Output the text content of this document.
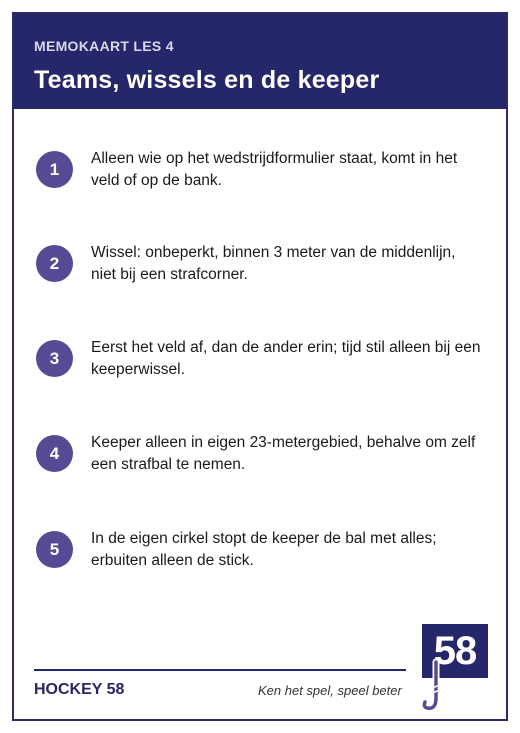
MEMOKAART LES 4
Teams, wissels en de keeper
1
Alleen wie op het wedstrijdformulier staat, komt in het veld of op de bank.
2
Wissel: onbeperkt, binnen 3 meter van de middenlijn, niet bij een strafcorner.
3
Eerst het veld af, dan de ander erin; tijd stil alleen bij een keeperwissel.
4
Keeper alleen in eigen 23-metergebied, behalve om zelf een strafbal te nemen.
5
In de eigen cirkel stopt de keeper de bal met alles; erbuiten alleen de stick.
HOCKEY 58	Ken het spel, speel beter
58
